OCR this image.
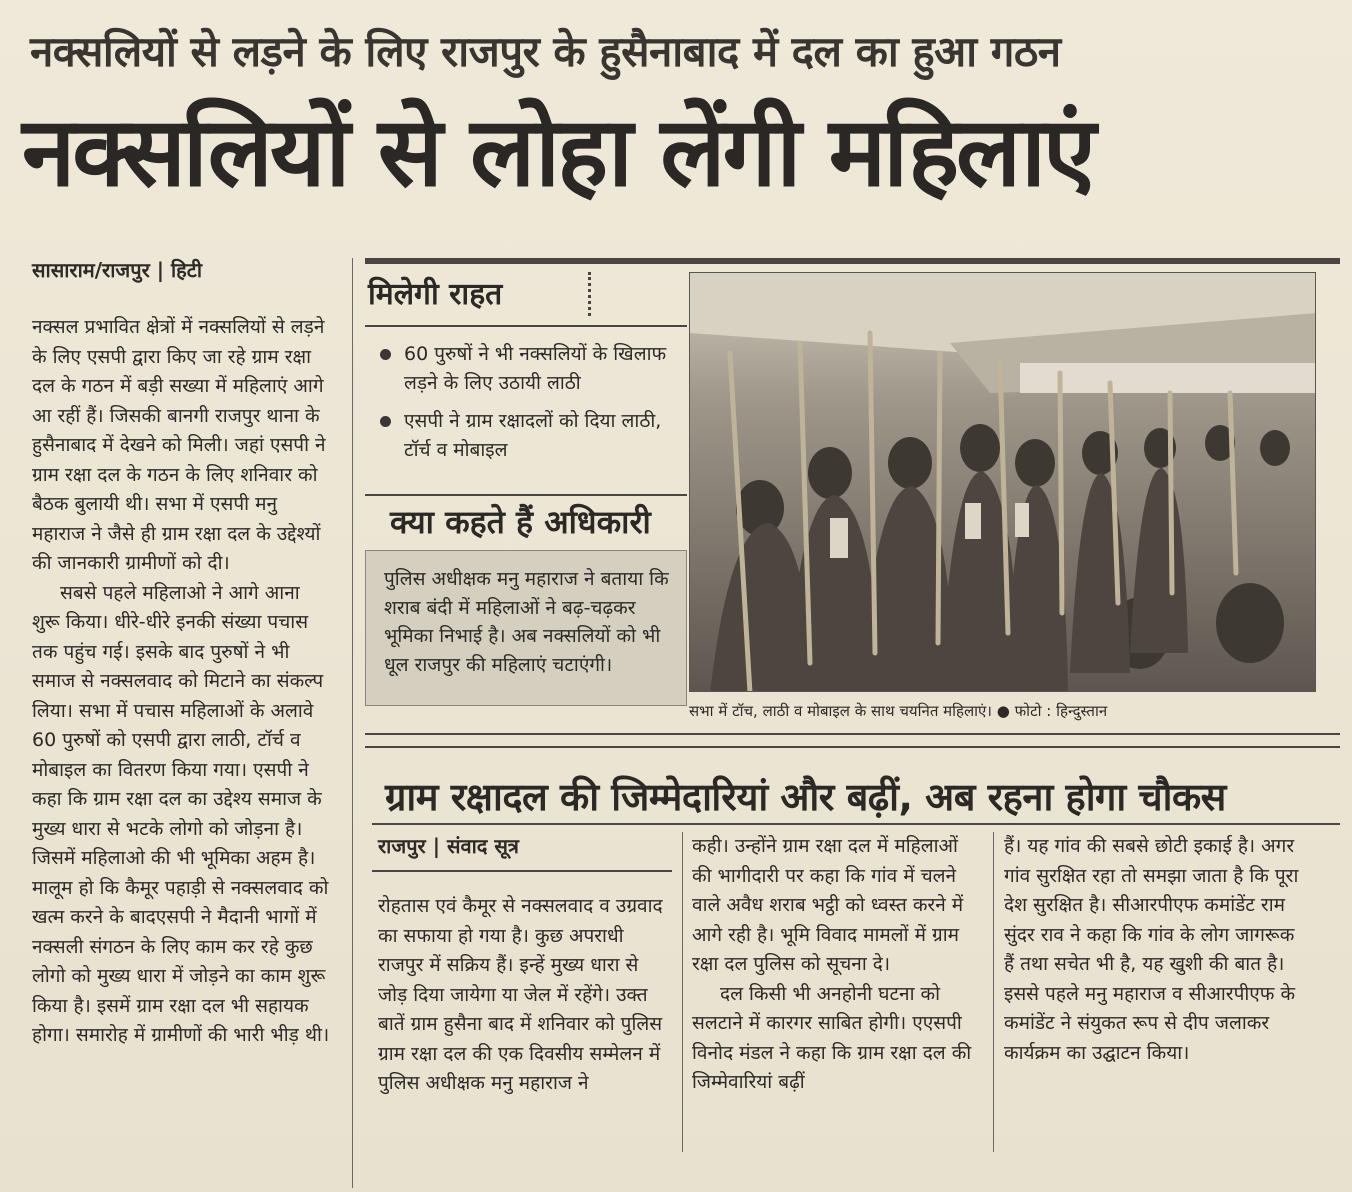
नक्सलियों से लड़ने के लिए राजपुर के हुसैनाबाद में दल का हुआ गठन
नक्सलियों से लोहा लेंगी महिलाएं
सासाराम/राजपुर | हिटी

नक्सल प्रभावित क्षेत्रों में नक्सलियों से लड़ने के लिए एसपी द्वारा किए जा रहे ग्राम रक्षा दल के गठन में बड़ी सख्या में महिलाएं आगे आ रहीं हैं। जिसकी बानगी राजपुर थाना के हुसैनाबाद में देखने को मिली। जहां एसपी ने ग्राम रक्षा दल के गठन के लिए शनिवार को बैठक बुलायी थी। सभा में एसपी मनु महाराज ने जैसे ही ग्राम रक्षा दल के उद्देश्यों की जानकारी ग्रामीणों को दी।

सबसे पहले महिलाओ ने आगे आना शुरू किया। धीरे-धीरे इनकी संख्या पचास तक पहुंच गई। इसके बाद पुरुषों ने भी समाज से नक्सलवाद को मिटाने का संकल्प लिया। सभा में पचास महिलाओं के अलावे 60 पुरुषों को एसपी द्वारा लाठी, टॉर्च व मोबाइल का वितरण किया गया। एसपी ने कहा कि ग्राम रक्षा दल का उद्देश्य समाज के मुख्य धारा से भटके लोगो को जोड़ना है। जिसमें महिलाओ की भी भूमिका अहम है। मालूम हो कि कैमूर पहाड़ी से नक्सलवाद को खत्म करने के बादएसपी ने मैदानी भागों में नक्सली संगठन के लिए काम कर रहे कुछ लोगो को मुख्य धारा में जोड़ने का काम शुरू किया है। इसमें ग्राम रक्षा दल भी सहायक होगा। समारोह में ग्रामीणों की भारी भीड़ थी।

मिलेगी राहत
60 पुरुषों ने भी नक्सलियों के खिलाफ लड़ने के लिए उठायी लाठी
एसपी ने ग्राम रक्षादलों को दिया लाठी, टॉर्च व मोबाइल
क्या कहते हैं अधिकारी
पुलिस अधीक्षक मनु महाराज ने बताया कि शराब बंदी में महिलाओं ने बढ़-चढ़कर भूमिका निभाई है। अब नक्सलियों को भी धूल राजपुर की महिलाएं चटाएंगी।
सभा में टॉच, लाठी व मोबाइल के साथ चयनित महिलाएं। ● फोटो : हिन्दुस्तान
ग्राम रक्षादल की जिम्मेदारियां और बढ़ीं, अब रहना होगा चौकस
राजपुर | संवाद सूत्र

रोहतास एवं कैमूर से नक्सलवाद व उग्रवाद का सफाया हो गया है। कुछ अपराधी राजपुर में सक्रिय हैं। इन्हें मुख्य धारा से जोड़ दिया जायेगा या जेल में रहेंगे। उक्त बातें ग्राम हुसैना बाद में शनिवार को पुलिस ग्राम रक्षा दल की एक दिवसीय सम्मेलन में पुलिस अधीक्षक मनु महाराज ने

कही। उन्होंने ग्राम रक्षा दल में महिलाओं की भागीदारी पर कहा कि गांव में चलने वाले अवैध शराब भट्ठी को ध्वस्त करने में आगे रही है। भूमि विवाद मामलों में ग्राम रक्षा दल पुलिस को सूचना दे।

दल किसी भी अनहोनी घटना को सलटाने में कारगर साबित होगी। एएसपी विनोद मंडल ने कहा कि ग्राम रक्षा दल की जिम्मेवारियां बढ़ीं

हैं। यह गांव की सबसे छोटी इकाई है। अगर गांव सुरक्षित रहा तो समझा जाता है कि पूरा देश सुरक्षित है। सीआरपीएफ कमांडेंट राम सुंदर राव ने कहा कि गांव के लोग जागरूक हैं तथा सचेत भी है, यह खुशी की बात है। इससे पहले मनु महाराज व सीआरपीएफ के कमांडेंट ने संयुकत रूप से दीप जलाकर कार्यक्रम का उद्घाटन किया।
